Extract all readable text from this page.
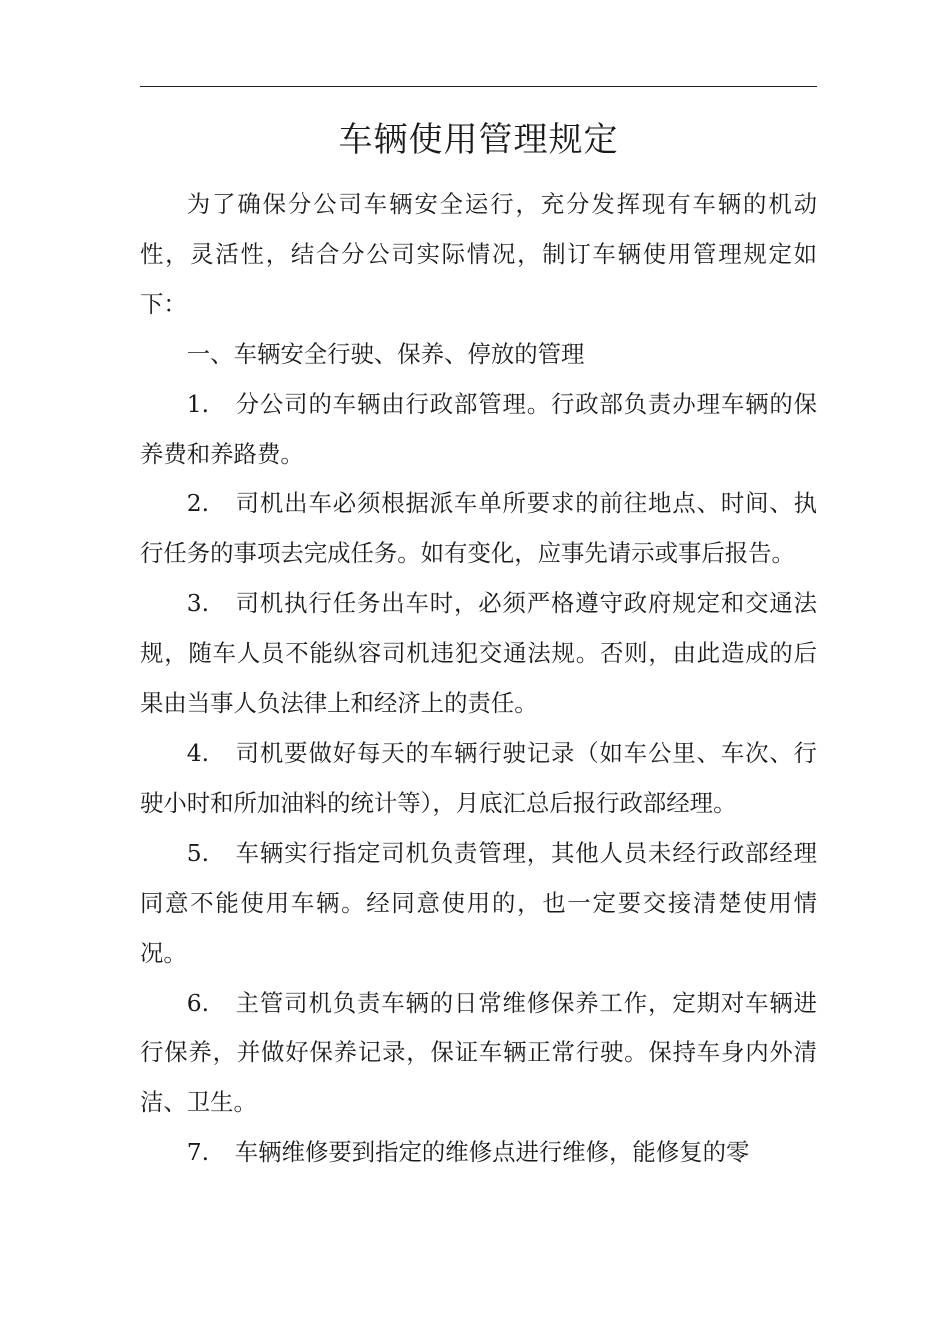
车辆使用管理规定

为了确保分公司车辆安全运行，充分发挥现有车辆的机动性，灵活性，结合分公司实际情况，制订车辆使用管理规定如下：

一、车辆安全行驶、保养、停放的管理

1. 分公司的车辆由行政部管理。行政部负责办理车辆的保养费和养路费。

2. 司机出车必须根据派车单所要求的前往地点、时间、执行任务的事项去完成任务。如有变化，应事先请示或事后报告。

3. 司机执行任务出车时，必须严格遵守政府规定和交通法规，随车人员不能纵容司机违犯交通法规。否则，由此造成的后果由当事人负法律上和经济上的责任。

4. 司机要做好每天的车辆行驶记录（如车公里、车次、行驶小时和所加油料的统计等），月底汇总后报行政部经理。

5. 车辆实行指定司机负责管理，其他人员未经行政部经理同意不能使用车辆。经同意使用的，也一定要交接清楚使用情况。

6. 主管司机负责车辆的日常维修保养工作，定期对车辆进行保养，并做好保养记录，保证车辆正常行驶。保持车身内外清洁、卫生。

7. 车辆维修要到指定的维修点进行维修，能修复的零
